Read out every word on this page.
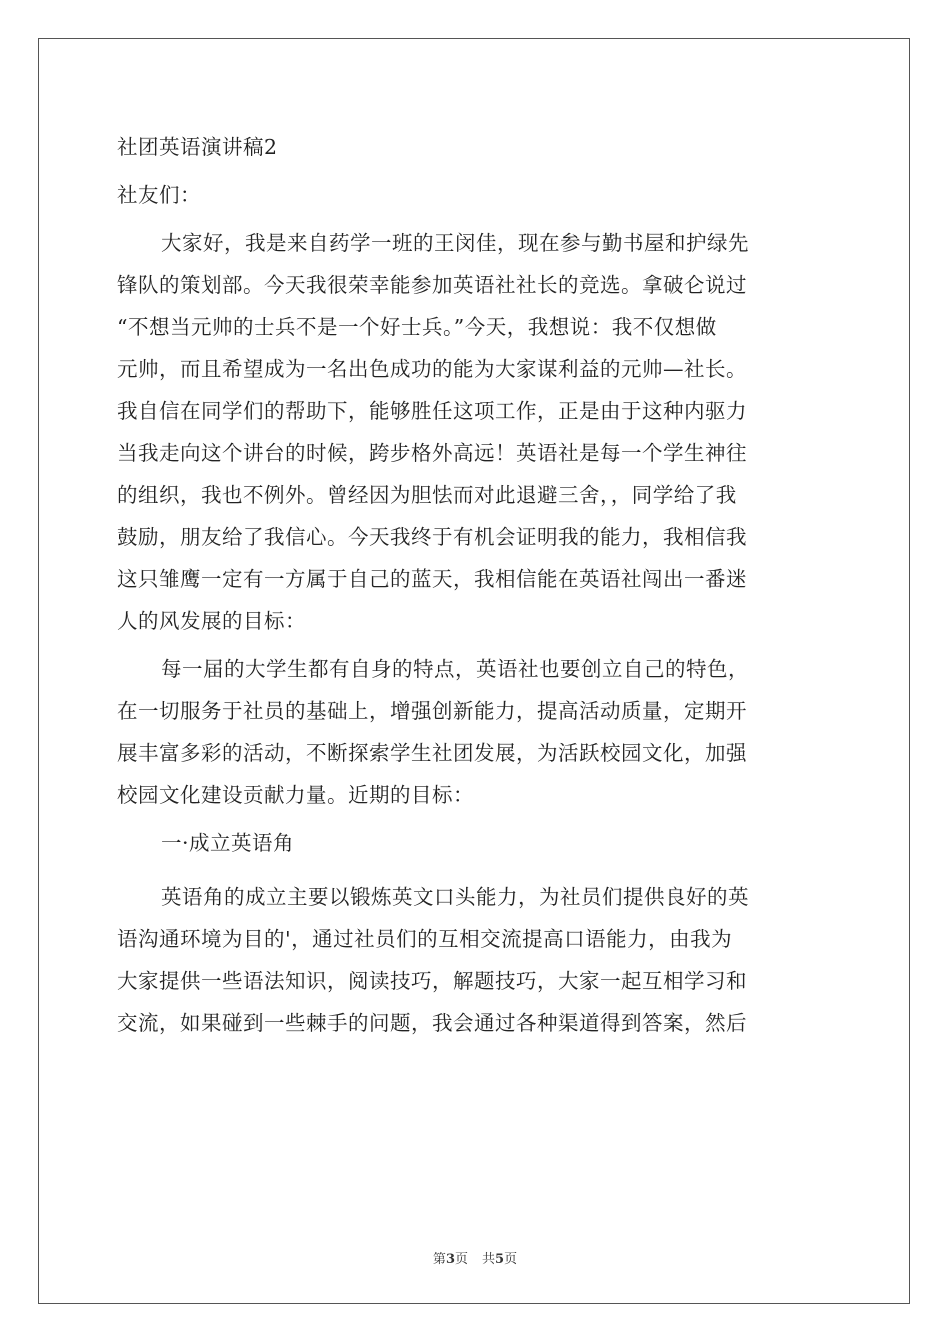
社团英语演讲稿2
社友们：
大家好，我是来自药学一班的王闵佳，现在参与勤书屋和护绿先
锋队的策划部。今天我很荣幸能参加英语社社长的竞选。拿破仑说过
“不想当元帅的士兵不是一个好士兵。”今天，我想说：我不仅想做
元帅，而且希望成为一名出色成功的能为大家谋利益的元帅—社长。
我自信在同学们的帮助下，能够胜任这项工作，正是由于这种内驱力
当我走向这个讲台的时候，跨步格外高远！英语社是每一个学生神往
的组织，我也不例外。曾经因为胆怯而对此退避三舍，，同学给了我
鼓励，朋友给了我信心。今天我终于有机会证明我的能力，我相信我
这只雏鹰一定有一方属于自己的蓝天，我相信能在英语社闯出一番迷
人的风发展的目标：
每一届的大学生都有自身的特点，英语社也要创立自己的特色，
在一切服务于社员的基础上，增强创新能力，提高活动质量，定期开
展丰富多彩的活动，不断探索学生社团发展，为活跃校园文化，加强
校园文化建设贡献力量。近期的目标：
一·成立英语角
英语角的成立主要以锻炼英文口头能力，为社员们提供良好的英
语沟通环境为目的'，通过社员们的互相交流提高口语能力，由我为
大家提供一些语法知识，阅读技巧，解题技巧，大家一起互相学习和
交流，如果碰到一些棘手的问题，我会通过各种渠道得到答案，然后
第3页 共5页
